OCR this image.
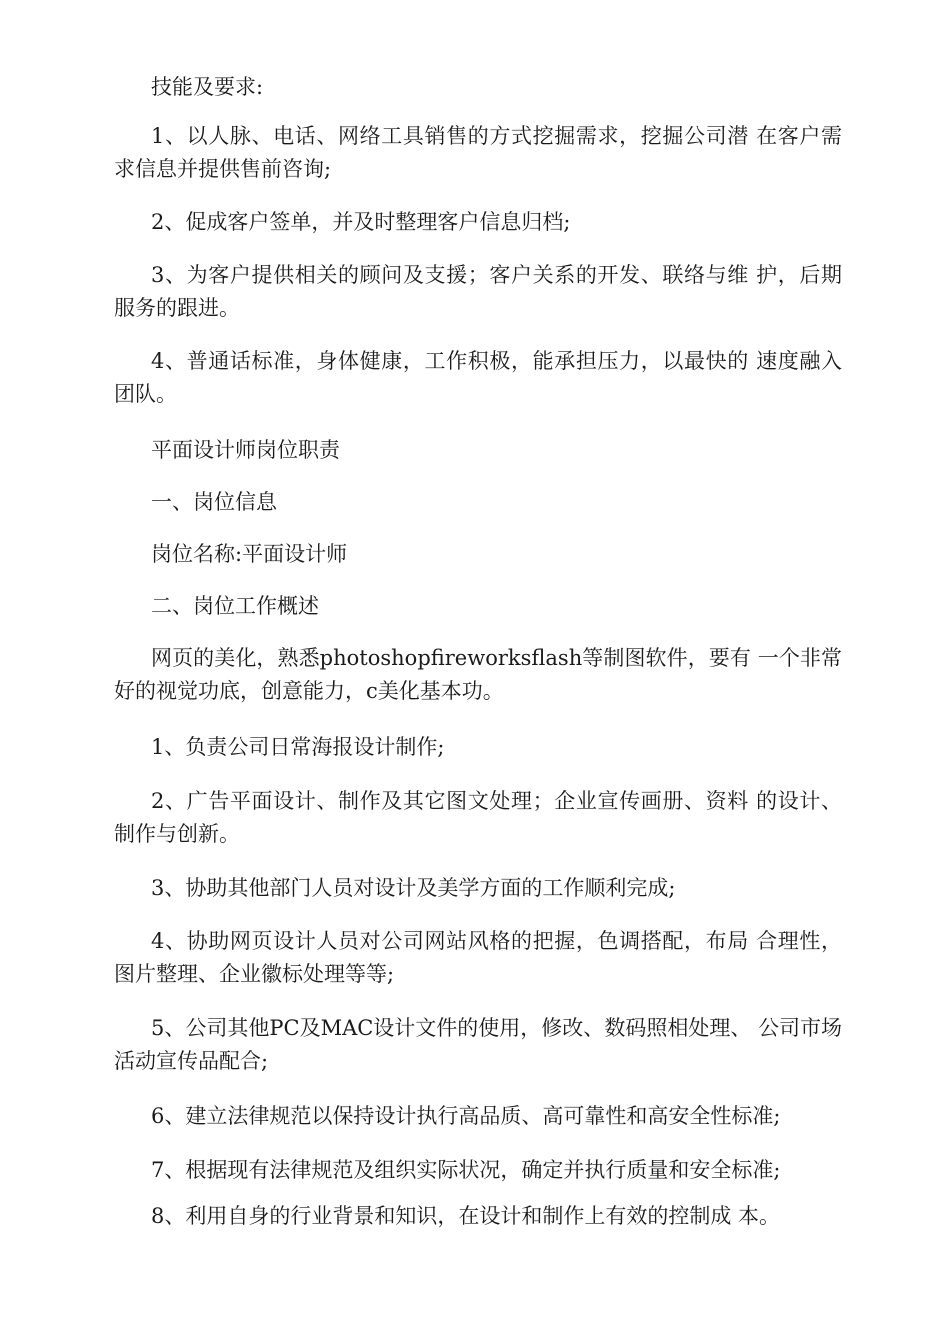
技能及要求:

1、以人脉、电话、网络工具销售的方式挖掘需求，挖掘公司潜 在客户需求信息并提供售前咨询;

2、促成客户签单，并及时整理客户信息归档;

3、为客户提供相关的顾问及支援；客户关系的开发、联络与维 护，后期服务的跟进。

4、普通话标准，身体健康，工作积极，能承担压力，以最快的 速度融入团队。

平面设计师岗位职责

一、岗位信息

岗位名称:平面设计师

二、岗位工作概述

网页的美化，熟悉photoshopfireworksflash等制图软件，要有 一个非常好的视觉功底，创意能力，c美化基本功。

1、负责公司日常海报设计制作;

2、广告平面设计、制作及其它图文处理；企业宣传画册、资料 的设计、制作与创新。

3、协助其他部门人员对设计及美学方面的工作顺利完成;

4、协助网页设计人员对公司网站风格的把握，色调搭配，布局 合理性，图片整理、企业徽标处理等等;

5、公司其他PC及MAC设计文件的使用，修改、数码照相处理、 公司市场活动宣传品配合;

6、建立法律规范以保持设计执行高品质、高可靠性和高安全性标准;

7、根据现有法律规范及组织实际状况，确定并执行质量和安全标准;

8、利用自身的行业背景和知识，在设计和制作上有效的控制成 本。
